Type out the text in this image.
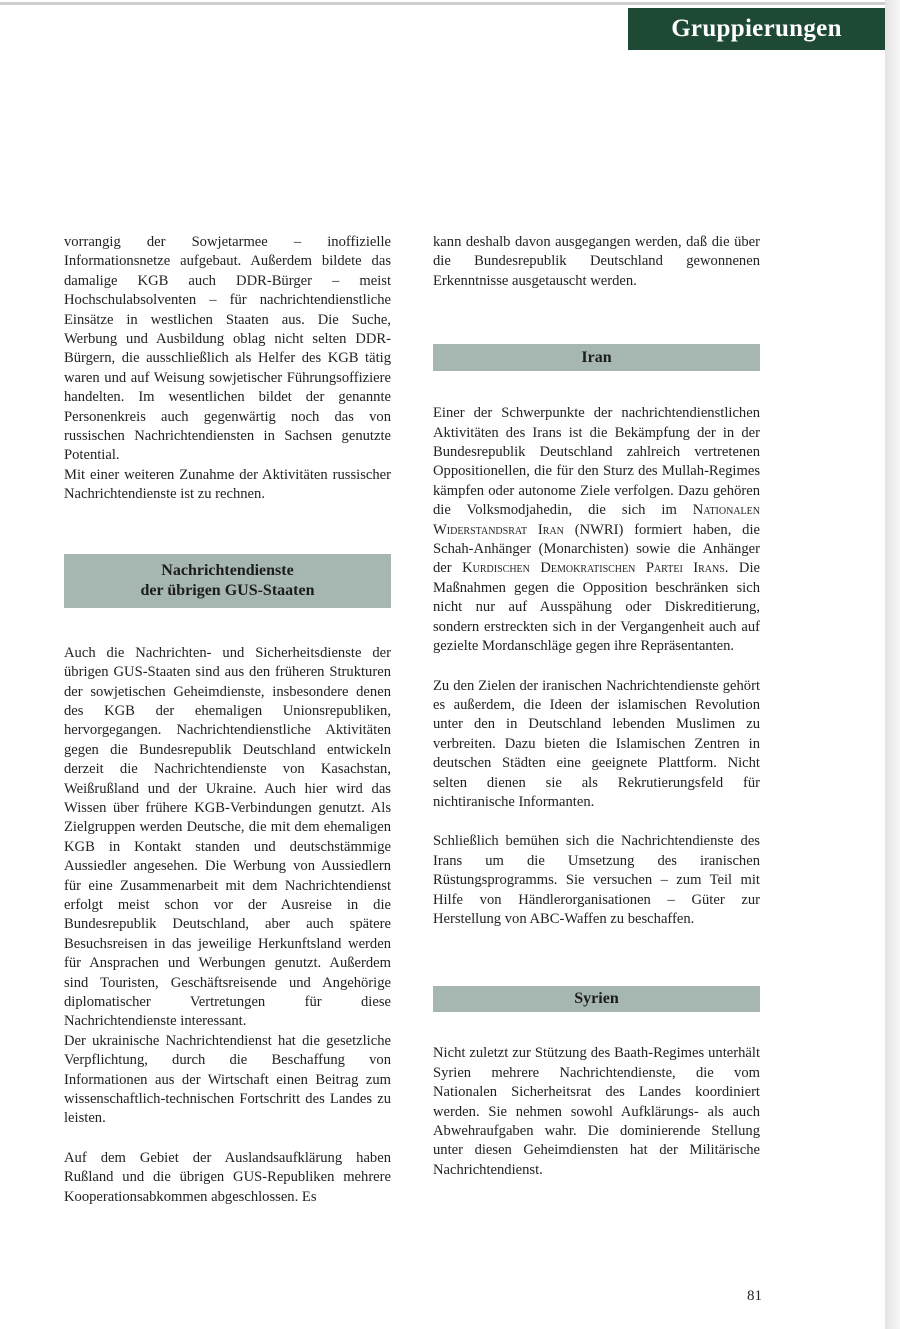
Gruppierungen

vorrangig der Sowjetarmee – inoffizielle Informationsnetze aufgebaut. Außerdem bildete das damalige KGB auch DDR-Bürger – meist Hochschulabsolventen – für nachrichtendienstliche Einsätze in westlichen Staaten aus. Die Suche, Werbung und Ausbildung oblag nicht selten DDR-Bürgern, die ausschließlich als Helfer des KGB tätig waren und auf Weisung sowjetischer Führungsoffiziere handelten. Im wesentlichen bildet der genannte Personenkreis auch gegenwärtig noch das von russischen Nachrichtendiensten in Sachsen genutzte Potential.

Mit einer weiteren Zunahme der Aktivitäten russischer Nachrichtendienste ist zu rechnen.

Nachrichtendienste
der übrigen GUS-Staaten

Auch die Nachrichten- und Sicherheitsdienste der übrigen GUS-Staaten sind aus den früheren Strukturen der sowjetischen Geheimdienste, insbesondere denen des KGB der ehemaligen Unionsrepubliken, hervorgegangen. Nachrichtendienstliche Aktivitäten gegen die Bundesrepublik Deutschland entwickeln derzeit die Nachrichtendienste von Kasachstan, Weißrußland und der Ukraine. Auch hier wird das Wissen über frühere KGB-Verbindungen genutzt. Als Zielgruppen werden Deutsche, die mit dem ehemaligen KGB in Kontakt standen und deutschstämmige Aussiedler angesehen. Die Werbung von Aussiedlern für eine Zusammenarbeit mit dem Nachrichtendienst erfolgt meist schon vor der Ausreise in die Bundesrepublik Deutschland, aber auch spätere Besuchsreisen in das jeweilige Herkunftsland werden für Ansprachen und Werbungen genutzt. Außerdem sind Touristen, Geschäftsreisende und Angehörige diplomatischer Vertretungen für diese Nachrichtendienste interessant.

Der ukrainische Nachrichtendienst hat die gesetzliche Verpflichtung, durch die Beschaffung von Informationen aus der Wirtschaft einen Beitrag zum wissenschaftlich-technischen Fortschritt des Landes zu leisten.

Auf dem Gebiet der Auslandsaufklärung haben Rußland und die übrigen GUS-Republiken mehrere Kooperationsabkommen abgeschlossen. Es

kann deshalb davon ausgegangen werden, daß die über die Bundesrepublik Deutschland gewonnenen Erkenntnisse ausgetauscht werden.

Iran

Einer der Schwerpunkte der nachrichtendienstlichen Aktivitäten des Irans ist die Bekämpfung der in der Bundesrepublik Deutschland zahlreich vertretenen Oppositionellen, die für den Sturz des Mullah-Regimes kämpfen oder autonome Ziele verfolgen. Dazu gehören die Volksmodjahedin, die sich im Nationalen Widerstandsrat Iran (NWRI) formiert haben, die Schah-Anhänger (Monarchisten) sowie die Anhänger der Kurdischen Demokratischen Partei Irans. Die Maßnahmen gegen die Opposition beschränken sich nicht nur auf Ausspähung oder Diskreditierung, sondern erstreckten sich in der Vergangenheit auch auf gezielte Mordanschläge gegen ihre Repräsentanten.

Zu den Zielen der iranischen Nachrichtendienste gehört es außerdem, die Ideen der islamischen Revolution unter den in Deutschland lebenden Muslimen zu verbreiten. Dazu bieten die Islamischen Zentren in deutschen Städten eine geeignete Plattform. Nicht selten dienen sie als Rekrutierungsfeld für nichtiranische Informanten.

Schließlich bemühen sich die Nachrichtendienste des Irans um die Umsetzung des iranischen Rüstungsprogramms. Sie versuchen – zum Teil mit Hilfe von Händlerorganisationen – Güter zur Herstellung von ABC-Waffen zu beschaffen.

Syrien

Nicht zuletzt zur Stützung des Baath-Regimes unterhält Syrien mehrere Nachrichtendienste, die vom Nationalen Sicherheitsrat des Landes koordiniert werden. Sie nehmen sowohl Aufklärungs- als auch Abwehraufgaben wahr. Die dominierende Stellung unter diesen Geheimdiensten hat der Militärische Nachrichtendienst.

81
